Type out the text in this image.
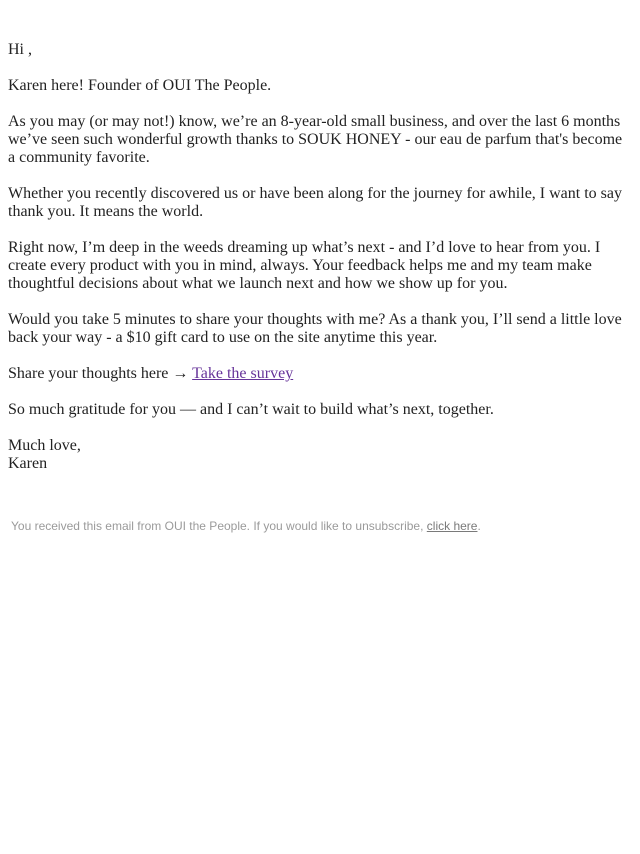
Hi ,

Karen here! Founder of OUI The People.

As you may (or may not!) know, we’re an 8-year-old small business, and over the last 6 months we’ve seen such wonderful growth thanks to SOUK HONEY - our eau de parfum that's become a community favorite.

Whether you recently discovered us or have been along for the journey for awhile, I want to say thank you. It means the world.

Right now, I’m deep in the weeds dreaming up what’s next - and I’d love to hear from you. I create every product with you in mind, always. Your feedback helps me and my team make thoughtful decisions about what we launch next and how we show up for you.

Would you take 5 minutes to share your thoughts with me? As a thank you, I’ll send a little love back your way - a $10 gift card to use on the site anytime this year.

Share your thoughts here → Take the survey

So much gratitude for you — and I can’t wait to build what’s next, together.

Much love,
Karen

You received this email from OUI the People. If you would like to unsubscribe, click here.
